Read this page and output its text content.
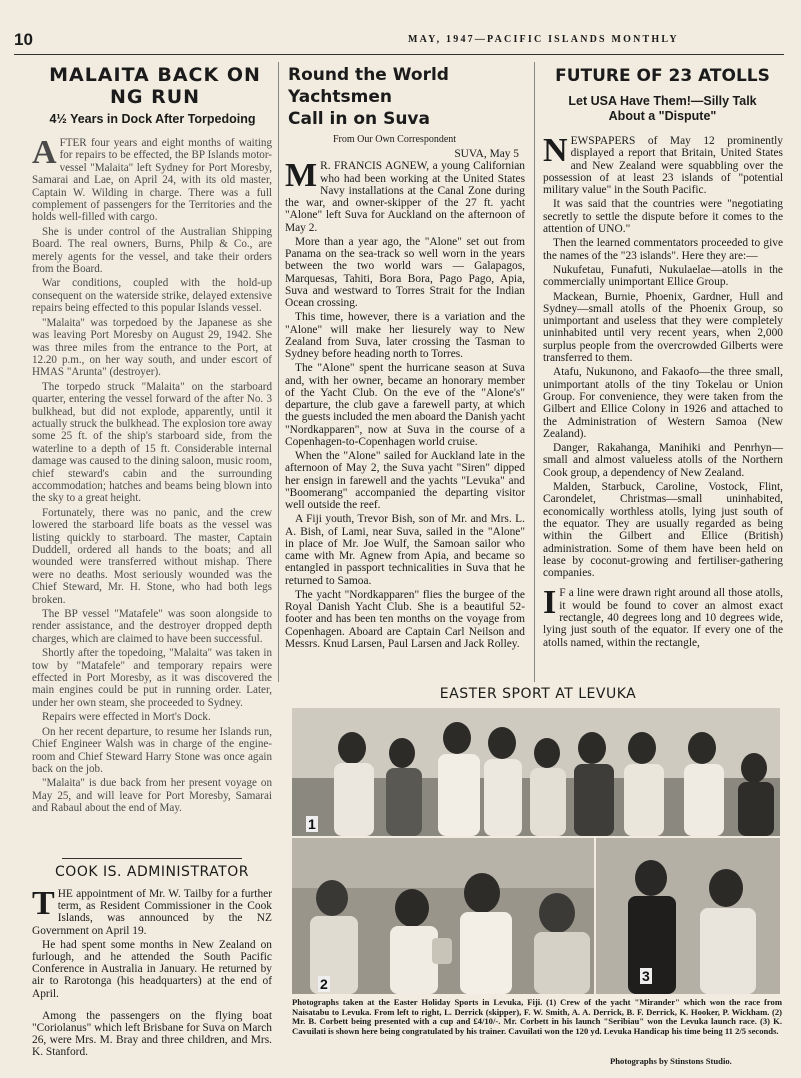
10	MAY, 1947—PACIFIC ISLANDS MONTHLY
MALAITA BACK ON
NG RUN
4½ Years in Dock After Torpedoing

AFTER four years and eight months of waiting for repairs to be effected, the BP Islands motor-vessel "Malaita" left Sydney for Port Moresby, Samarai and Lae, on April 24, with its old master, Captain W. Wilding in charge. There was a full complement of passengers for the Territories and the holds well-filled with cargo.

She is under control of the Australian Shipping Board. The real owners, Burns, Philp & Co., are merely agents for the vessel, and take their orders from the Board.

War conditions, coupled with the hold-up consequent on the waterside strike, delayed extensive repairs being effected to this popular Islands vessel.

"Malaita" was torpedoed by the Japanese as she was leaving Port Moresby on August 29, 1942. She was three miles from the entrance to the Port, at 12.20 p.m., on her way south, and under escort of HMAS "Arunta" (destroyer).

The torpedo struck "Malaita" on the starboard quarter, entering the vessel forward of the after No. 3 bulkhead, but did not explode, apparently, until it actually struck the bulkhead. The explosion tore away some 25 ft. of the ship's starboard side, from the waterline to a depth of 15 ft. Considerable internal damage was caused to the dining saloon, music room, chief steward's cabin and the surrounding accommodation; hatches and beams being blown into the sky to a great height.

Fortunately, there was no panic, and the crew lowered the starboard life boats as the vessel was listing quickly to starboard. The master, Captain Duddell, ordered all hands to the boats; and all wounded were transferred without mishap. There were no deaths. Most seriously wounded was the Chief Steward, Mr. H. Stone, who had both legs broken.

The BP vessel "Matafele" was soon alongside to render assistance, and the destroyer dropped depth charges, which are claimed to have been successful.

Shortly after the topedoing, "Malaita" was taken in tow by "Matafele" and temporary repairs were effected in Port Moresby, as it was discovered the main engines could be put in running order. Later, under her own steam, she proceeded to Sydney.

Repairs were effected in Mort's Dock.

On her recent departure, to resume her Islands run, Chief Engineer Walsh was in charge of the engine-room and Chief Steward Harry Stone was once again back on the job.

"Malaita" is due back from her present voyage on May 25, and will leave for Port Moresby, Samarai and Rabaul about the end of May.

COOK IS. ADMINISTRATOR

THE appointment of Mr. W. Tailby for a further term, as Resident Commissioner in the Cook Islands, was announced by the NZ Government on April 19.

He had spent some months in New Zealand on furlough, and he attended the South Pacific Conference in Australia in January. He returned by air to Rarotonga (his headquarters) at the end of April.

Among the passengers on the flying boat "Coriolanus" which left Brisbane for Suva on March 26, were Mrs. M. Bray and three children, and Mrs. K. Stanford.

Round the World
Yachtsmen
Call in on Suva
From Our Own Correspondent
SUVA, May 5

M R. FRANCIS AGNEW, a young Californian who had been working at the United States Navy installations at the Canal Zone during the war, and owner-skipper of the 27 ft. yacht "Alone" left Suva for Auckland on the afternoon of May 2.

More than a year ago, the "Alone" set out from Panama on the sea-track so well worn in the years between the two world wars — Galapagos, Marquesas, Tahiti, Bora Bora, Pago Pago, Apia, Suva and westward to Torres Strait for the Indian Ocean crossing.

This time, however, there is a variation and the "Alone" will make her liesurely way to New Zealand from Suva, later crossing the Tasman to Sydney before heading north to Torres.

The "Alone" spent the hurricane season at Suva and, with her owner, became an honorary member of the Yacht Club. On the eve of the "Alone's" departure, the club gave a farewell party, at which the guests included the men aboard the Danish yacht "Nordkapparen", now at Suva in the course of a Copenhagen-to-Copenhagen world cruise.

When the "Alone" sailed for Auckland late in the afternoon of May 2, the Suva yacht "Siren" dipped her ensign in farewell and the yachts "Levuka" and "Boomerang" accompanied the departing visitor well outside the reef.

A Fiji youth, Trevor Bish, son of Mr. and Mrs. L. A. Bish, of Lami, near Suva, sailed in the "Alone" in place of Mr. Joe Wulf, the Samoan sailor who came with Mr. Agnew from Apia, and became so entangled in passport technicalities in Suva that he returned to Samoa.

The yacht "Nordkapparen" flies the burgee of the Royal Danish Yacht Club. She is a beautiful 52-footer and has been ten months on the voyage from Copenhagen. Aboard are Captain Carl Neilson and Messrs. Knud Larsen, Paul Larsen and Jack Rolley.

FUTURE OF 23 ATOLLS
Let USA Have Them!—Silly Talk
About a "Dispute"

NEWSPAPERS of May 12 prominently displayed a report that Britain, United States and New Zealand were squabbling over the possession of at least 23 islands of "potential military value" in the South Pacific.

It was said that the countries were "negotiating secretly to settle the dispute before it comes to the attention of UNO."

Then the learned commentators proceeded to give the names of the "23 islands". Here they are:—

Nukufetau, Funafuti, Nukulaelae—atolls in the commercially unimportant Ellice Group.

Mackean, Burnie, Phoenix, Gardner, Hull and Sydney—small atolls of the Phoenix Group, so unimportant and useless that they were completely uninhabited until very recent years, when 2,000 surplus people from the overcrowded Gilberts were transferred to them.

Atafu, Nukunono, and Fakaofo—the three small, unimportant atolls of the tiny Tokelau or Union Group. For convenience, they were taken from the Gilbert and Ellice Colony in 1926 and attached to the Administration of Western Samoa (New Zealand).

Danger, Rakahanga, Manihiki and Penrhyn—small and almost valueless atolls of the Northern Cook group, a dependency of New Zealand.

Malden, Starbuck, Caroline, Vostock, Flint, Carondelet, Christmas—small uninhabited, economically worthless atolls, lying just south of the equator. They are usually regarded as being within the Gilbert and Ellice (British) administration. Some of them have been held on lease by coconut-growing and fertiliser-gathering companies.

I F a line were drawn right around all those atolls, it would be found to cover an almost exact rectangle, 40 degrees long and 10 degrees wide, lying just south of the equator. If every one of the atolls named, within the rectangle,

EASTER SPORT AT LEVUKA
1
2	3
Photographs taken at the Easter Holiday Sports in Levuka, Fiji. (1) Crew of the yacht "Mirander" which won the race from Naisatabu to Levuka. From left to right, L. Derrick (skipper), F. W. Smith, A. A. Derrick, B. F. Derrick, K. Hooker, P. Wickham. (2) Mr. B. Corbett being presented with a cup and £4/10/-. Mr. Corbett in his launch "Seribiau" won the Levuka launch race. (3) K. Cavuilati is shown here being congratulated by his trainer. Cavuilati won the 120 yd. Levuka Handicap his time being 11 2/5 seconds.
Photographs by Stinstons Studio.
